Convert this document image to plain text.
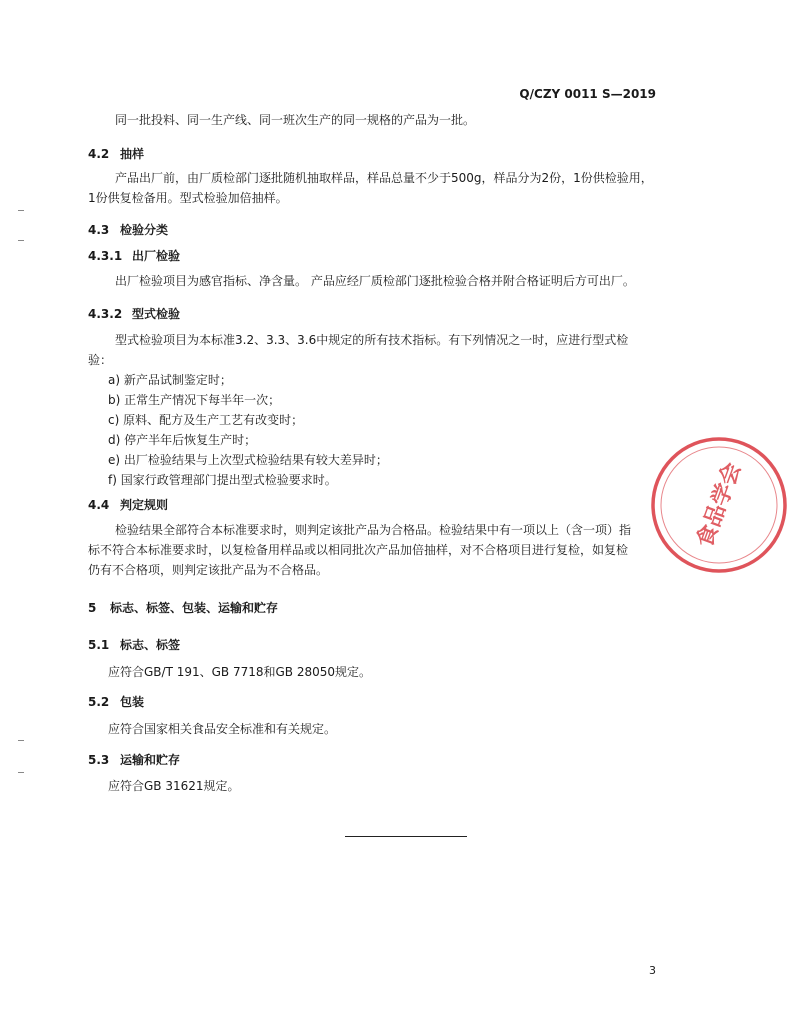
Q/CZY 0011 S—2019
同一批投料、同一生产线、同一班次生产的同一规格的产品为一批。
4.2 抽样
产品出厂前，由厂质检部门逐批随机抽取样品，样品总量不少于500g，样品分为2份，1份供检验用，
1份供复检备用。型式检验加倍抽样。
4.3 检验分类
4.3.1 出厂检验
出厂检验项目为感官指标、净含量。 产品应经厂质检部门逐批检验合格并附合格证明后方可出厂。
4.3.2 型式检验
型式检验项目为本标准3.2、3.3、3.6中规定的所有技术指标。有下列情况之一时，应进行型式检
验：
a) 新产品试制鉴定时；
b) 正常生产情况下每半年一次；
c) 原料、配方及生产工艺有改变时；
d) 停产半年后恢复生产时；
e) 出厂检验结果与上次型式检验结果有较大差异时；
f) 国家行政管理部门提出型式检验要求时。
4.4 判定规则
检验结果全部符合本标准要求时，则判定该批产品为合格品。检验结果中有一项以上（含一项）指
标不符合本标准要求时，以复检备用样品或以相同批次产品加倍抽样，对不合格项目进行复检，如复检
仍有不合格项，则判定该批产品为不合格品。
5 标志、标签、包装、运输和贮存
5.1 标志、标签
应符合GB/T 191、GB 7718和GB 28050规定。
5.2 包装
应符合国家相关食品安全标准和有关规定。
5.3 运输和贮存
应符合GB 31621规定。
3
食品学会
